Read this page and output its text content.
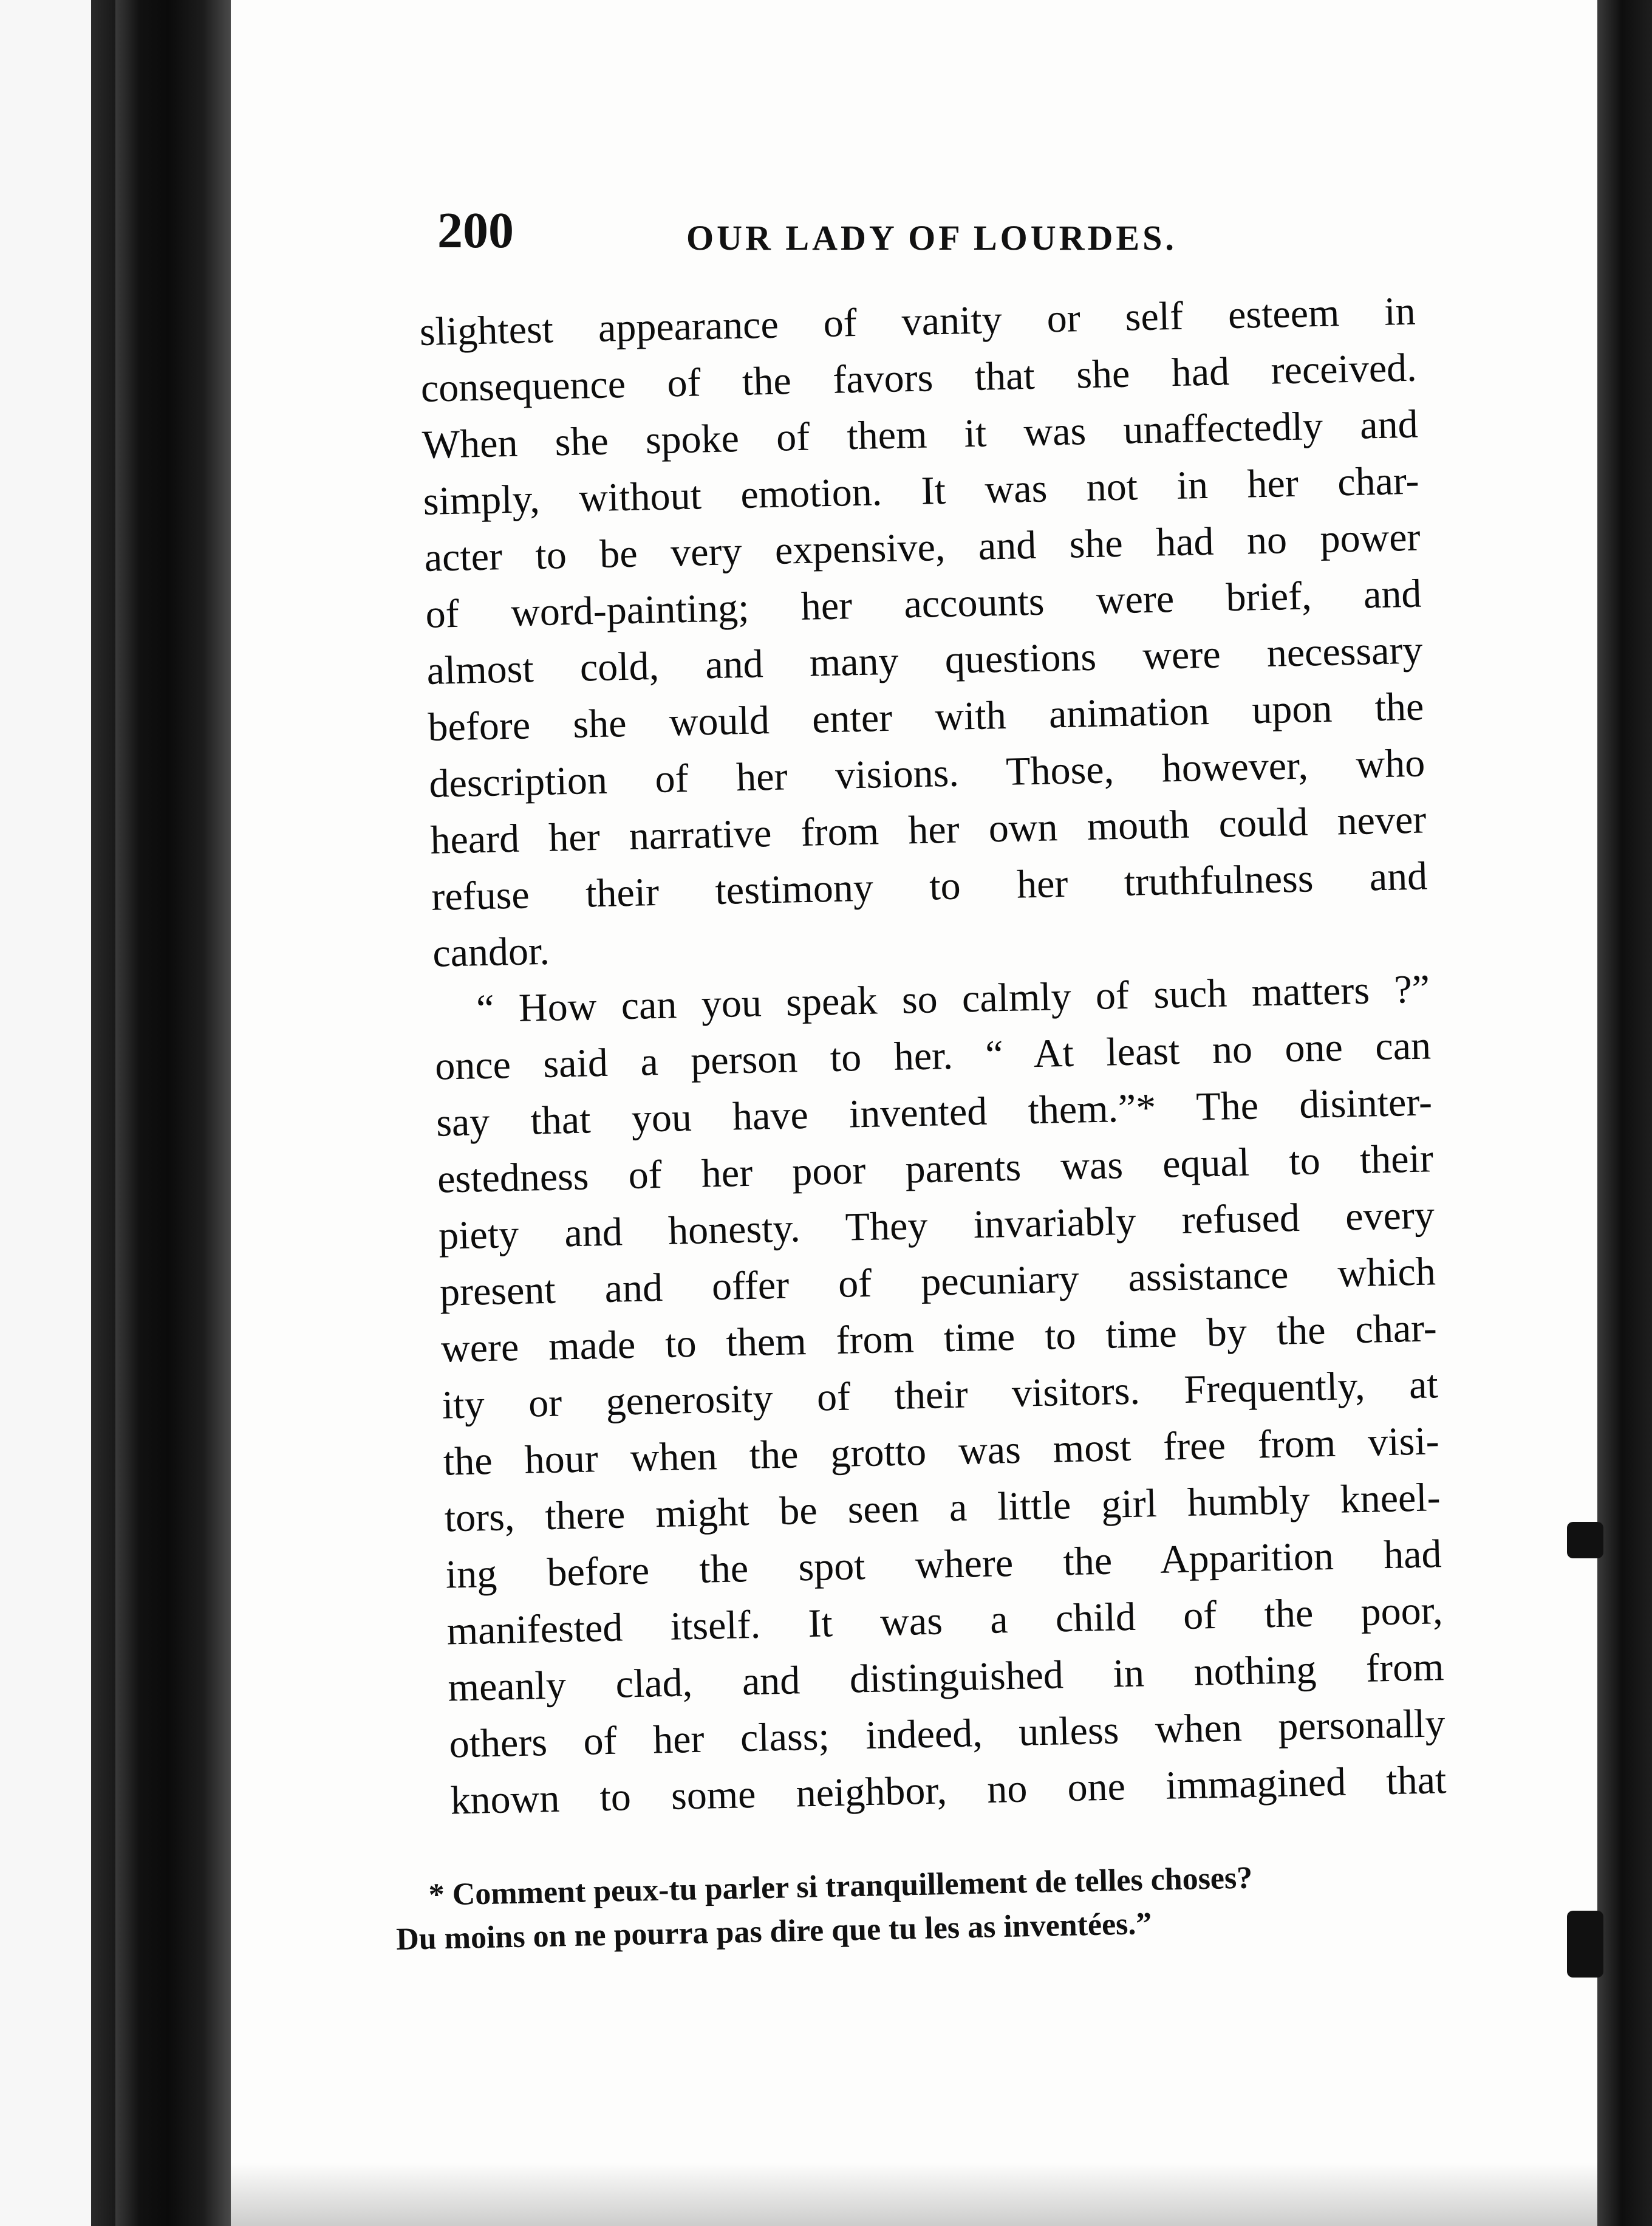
200	OUR LADY OF LOURDES.
slightest appearance of vanity or self esteem in
consequence of the favors that she had received.
When she spoke of them it was unaffectedly and
simply, without emotion. It was not in her char-
acter to be very expensive, and she had no power
of word-painting; her accounts were brief, and
almost cold, and many questions were necessary
before she would enter with animation upon the
description of her visions. Those, however, who
heard her narrative from her own mouth could never
refuse their testimony to her truthfulness and
candor.
“ How can you speak so calmly of such matters ?”
once said a person to her. “ At least no one can
say that you have invented them.”* The disinter-
estedness of her poor parents was equal to their
piety and honesty. They invariably refused every
present and offer of pecuniary assistance which
were made to them from time to time by the char-
ity or generosity of their visitors. Frequently, at
the hour when the grotto was most free from visi-
tors, there might be seen a little girl humbly kneel-
ing before the spot where the Apparition had
manifested itself. It was a child of the poor,
meanly clad, and distinguished in nothing from
others of her class; indeed, unless when personally
known to some neighbor, no one immagined that
* Comment peux-tu parler si tranquillement de telles choses?
Du moins on ne pourra pas dire que tu les as inventées.”
